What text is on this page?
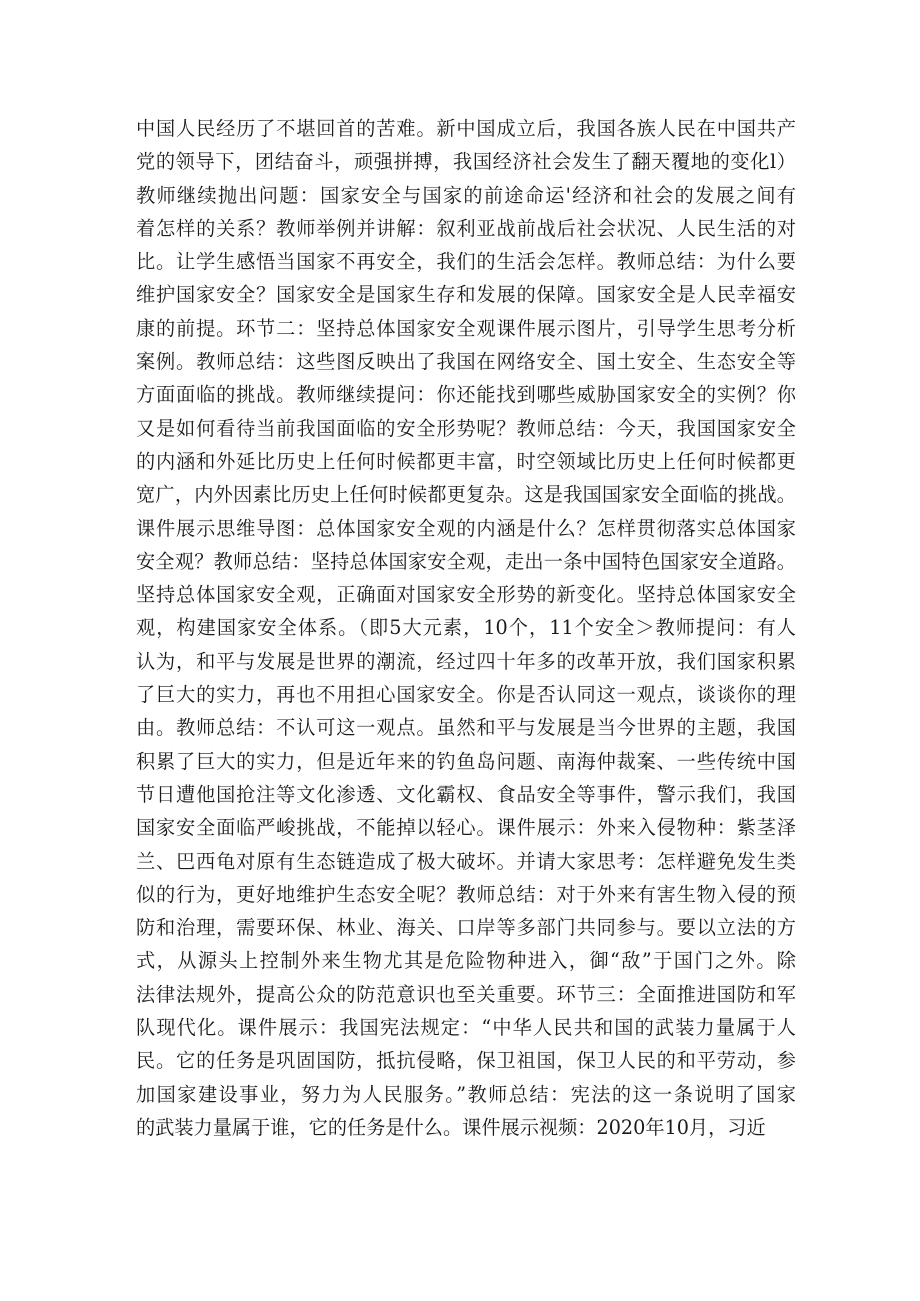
中国人民经历了不堪回首的苦难。新中国成立后，我国各族人民在中国共产
党的领导下，团结奋斗，顽强拼搏，我国经济社会发生了翻天覆地的变化l）
教师继续抛出问题：国家安全与国家的前途命运'经济和社会的发展之间有
着怎样的关系？教师举例并讲解：叙利亚战前战后社会状况、人民生活的对
比。让学生感悟当国家不再安全，我们的生活会怎样。教师总结：为什么要
维护国家安全？国家安全是国家生存和发展的保障。国家安全是人民幸福安
康的前提。环节二：坚持总体国家安全观课件展示图片，引导学生思考分析
案例。教师总结：这些图反映出了我国在网络安全、国土安全、生态安全等
方面面临的挑战。教师继续提问：你还能找到哪些威胁国家安全的实例？你
又是如何看待当前我国面临的安全形势呢？教师总结：今天，我国国家安全
的内涵和外延比历史上任何时候都更丰富，时空领域比历史上任何时候都更
宽广，内外因素比历史上任何时候都更复杂。这是我国国家安全面临的挑战。
课件展示思维导图：总体国家安全观的内涵是什么？怎样贯彻落实总体国家
安全观？教师总结：坚持总体国家安全观，走出一条中国特色国家安全道路。
坚持总体国家安全观，正确面对国家安全形势的新变化。坚持总体国家安全
观，构建国家安全体系。（即5大元素，10个，11个安全＞教师提问：有人
认为，和平与发展是世界的潮流，经过四十年多的改革开放，我们国家积累
了巨大的实力，再也不用担心国家安全。你是否认同这一观点，谈谈你的理
由。教师总结：不认可这一观点。虽然和平与发展是当今世界的主题，我国
积累了巨大的实力，但是近年来的钓鱼岛问题、南海仲裁案、一些传统中国
节日遭他国抢注等文化渗透、文化霸权、食品安全等事件，警示我们，我国
国家安全面临严峻挑战，不能掉以轻心。课件展示：外来入侵物种：紫茎泽
兰、巴西龟对原有生态链造成了极大破坏。并请大家思考：怎样避免发生类
似的行为，更好地维护生态安全呢？教师总结：对于外来有害生物入侵的预
防和治理，需要环保、林业、海关、口岸等多部门共同参与。要以立法的方
式，从源头上控制外来生物尤其是危险物种进入，御“敌”于国门之外。除
法律法规外，提高公众的防范意识也至关重要。环节三：全面推进国防和军
队现代化。课件展示：我国宪法规定：“中华人民共和国的武装力量属于人
民。它的任务是巩固国防，抵抗侵略，保卫祖国，保卫人民的和平劳动，参
加国家建设事业，努力为人民服务。”教师总结：宪法的这一条说明了国家
的武装力量属于谁，它的任务是什么。课件展示视频：2020年10月，习近
